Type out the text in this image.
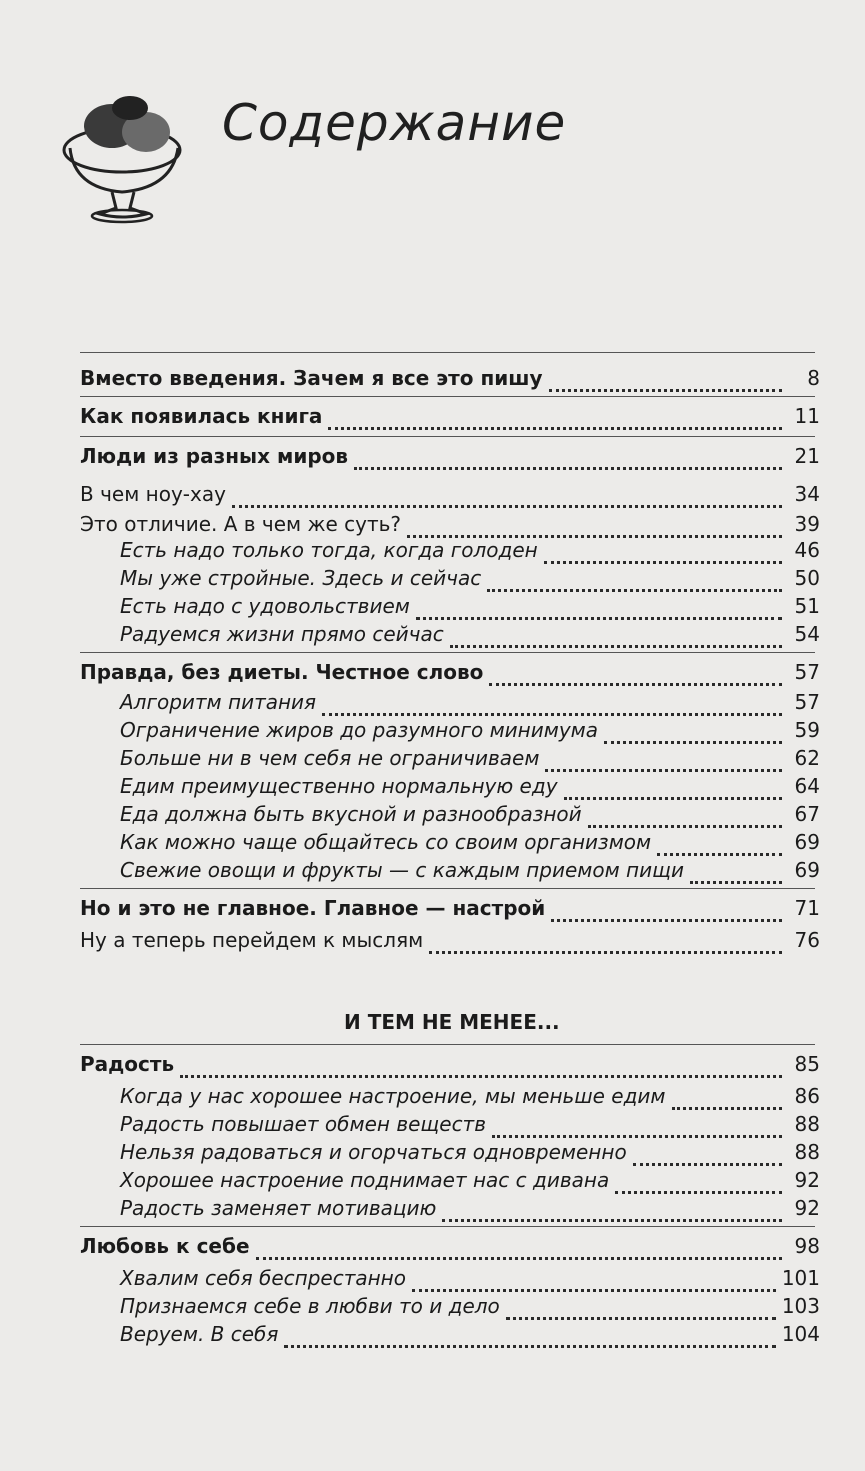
Содержание
Вместо введения. Зачем я все это пишу	8
Как появилась книга	11
Люди из разных миров	21
В чем ноу-хау	34
Это отличие. А в чем же суть?	39
Есть надо только тогда, когда голоден	46
Мы уже стройные. Здесь и сейчас	50
Есть надо с удовольствием	51
Радуемся жизни прямо сейчас	54
Правда, без диеты. Честное слово	57
Алгоритм питания	57
Ограничение жиров до разумного минимума	59
Больше ни в чем себя не ограничиваем	62
Едим преимущественно нормальную еду	64
Еда должна быть вкусной и разнообразной	67
Как можно чаще общайтесь со своим организмом	69
Свежие овощи и фрукты — с каждым приемом пищи	69
Но и это не главное. Главное — настрой	71
Ну а теперь перейдем к мыслям	76
Радость	85
Когда у нас хорошее настроение, мы меньше едим	86
Радость повышает обмен веществ	88
Нельзя радоваться и огорчаться одновременно	88
Хорошее настроение поднимает нас с дивана	92
Радость заменяет мотивацию	92
Любовь к себе	98
Хвалим себя беспрестанно	101
Признаемся себе в любви то и дело	103
Веруем. В себя	104
И ТЕМ НЕ МЕНЕЕ...
